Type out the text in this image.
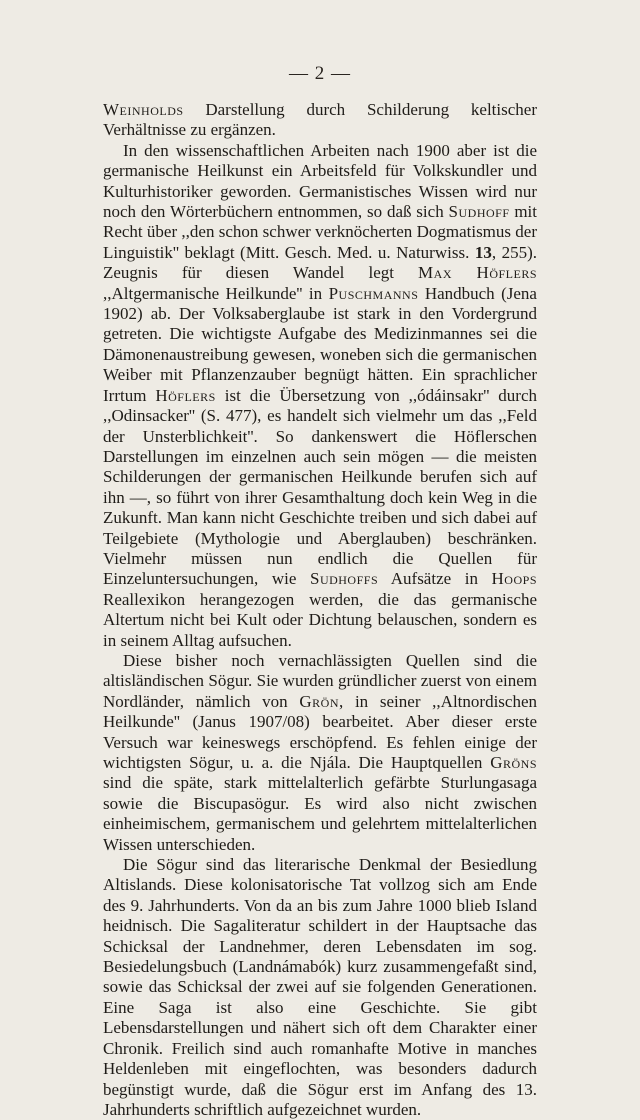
— 2 —

Weinholds Darstellung durch Schilderung keltischer Verhältnisse zu ergänzen.

In den wissenschaftlichen Arbeiten nach 1900 aber ist die germanische Heilkunst ein Arbeitsfeld für Volkskundler und Kulturhistoriker geworden. Germanistisches Wissen wird nur noch den Wörterbüchern entnommen, so daß sich Sudhoff mit Recht über ,,den schon schwer verknöcherten Dogmatismus der Linguistik'' beklagt (Mitt. Gesch. Med. u. Naturwiss. 13, 255). Zeugnis für diesen Wandel legt Max Höflers ,,Altgermanische Heilkunde'' in Puschmanns Handbuch (Jena 1902) ab. Der Volksaberglaube ist stark in den Vordergrund getreten. Die wichtigste Aufgabe des Medizinmannes sei die Dämonenaustreibung gewesen, woneben sich die germanischen Weiber mit Pflanzenzauber begnügt hätten. Ein sprachlicher Irrtum Höflers ist die Übersetzung von ,,ódáinsakr'' durch ,,Odinsacker'' (S. 477), es handelt sich vielmehr um das ,,Feld der Unsterblichkeit''. So dankenswert die Höflerschen Darstellungen im einzelnen auch sein mögen — die meisten Schilderungen der germanischen Heilkunde berufen sich auf ihn —, so führt von ihrer Gesamthaltung doch kein Weg in die Zukunft. Man kann nicht Geschichte treiben und sich dabei auf Teilgebiete (Mythologie und Aberglauben) beschränken. Vielmehr müssen nun endlich die Quellen für Einzeluntersuchungen, wie Sudhoffs Aufsätze in Hoops Reallexikon herangezogen werden, die das germanische Altertum nicht bei Kult oder Dichtung belauschen, sondern es in seinem Alltag aufsuchen.

Diese bisher noch vernachlässigten Quellen sind die altisländischen Sögur. Sie wurden gründlicher zuerst von einem Nordländer, nämlich von Grön, in seiner ,,Altnordischen Heilkunde'' (Janus 1907/08) bearbeitet. Aber dieser erste Versuch war keineswegs erschöpfend. Es fehlen einige der wichtigsten Sögur, u. a. die Njála. Die Hauptquellen Gröns sind die späte, stark mittelalterlich gefärbte Sturlungasaga sowie die Biscupasögur. Es wird also nicht zwischen einheimischem, germanischem und gelehrtem mittelalterlichen Wissen unterschieden.

Die Sögur sind das literarische Denkmal der Besiedlung Altislands. Diese kolonisatorische Tat vollzog sich am Ende des 9. Jahrhunderts. Von da an bis zum Jahre 1000 blieb Island heidnisch. Die Sagaliteratur schildert in der Hauptsache das Schicksal der Landnehmer, deren Lebensdaten im sog. Besiedelungsbuch (Landnámabók) kurz zusammengefaßt sind, sowie das Schicksal der zwei auf sie folgenden Generationen. Eine Saga ist also eine Geschichte. Sie gibt Lebensdarstellungen und nähert sich oft dem Charakter einer Chronik. Freilich sind auch romanhafte Motive in manches Heldenleben mit eingeflochten, was besonders dadurch begünstigt wurde, daß die Sögur erst im Anfang des 13. Jahrhunderts schriftlich aufgezeichnet wurden.
